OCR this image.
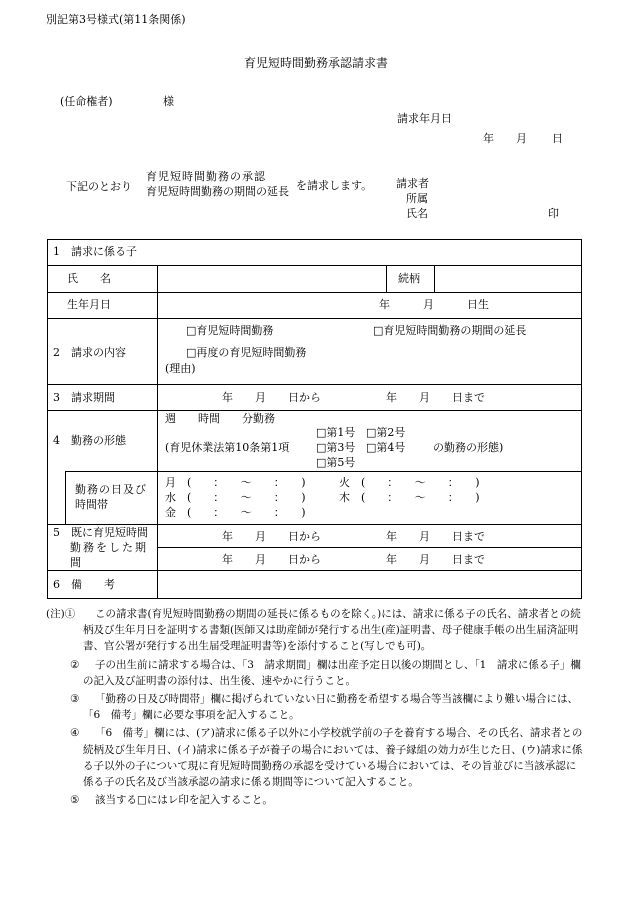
別記第3号様式(第11条関係)
育児短時間勤務承認請求書
(任命権者)	様
請求年月日
年 月 日
下記のとおり
育児短時間勤務の承認
育児短時間勤務の期間の延長 を請求します。 請求者
所属
氏名	印
1　請求に係る子
氏　　名	続柄
生年月日	年　　　月　　　日生
2　請求の内容
□育児短時間勤務	□育児短時間勤務の期間の延長
□再度の育児短時間勤務
(理由)
3　請求期間	年　　月　　日から	年　　月　　日まで
4　勤務の形態
週　　時間　　分勤務
(育児休業法第10条第1項
□第1号 □第2号
□第3号 □第4号
□第5号
の勤務の形態)
勤務の日及び
時間帯
月　(　　：　　～　　：　　)	火　(　　：　　～　　：　　)
水　(　　：　　～　　：　　)	木　(　　：　　～　　：　　)
金　(　　：　　～　　：　　)
5　既に育児短時間
勤務をした期
間
年　　月　　日から	年　　月　　日まで
年　　月　　日から	年　　月　　日まで
6　備　　考
(注)①	この請求書(育児短時間勤務の期間の延長に係るものを除く。)には、請求に係る子の氏名、請求者との続柄及び生年月日を証明する書類(医師又は助産師が発行する出生(産)証明書、母子健康手帳の出生届済証明書、官公署が発行する出生届受理証明書等)を添付すること(写しでも可)。
②	子の出生前に請求する場合は、「3　請求期間」欄は出産予定日以後の期間とし、「1　請求に係る子」欄の記入及び証明書の添付は、出生後、速やかに行うこと。
③	「勤務の日及び時間帯」欄に掲げられていない日に勤務を希望する場合等当該欄により難い場合には、「6　備考」欄に必要な事項を記入すること。
④	「6　備考」欄には、(ア)請求に係る子以外に小学校就学前の子を養育する場合、その氏名、請求者との続柄及び生年月日、(イ)請求に係る子が養子の場合においては、養子縁組の効力が生じた日、(ウ)請求に係る子以外の子について現に育児短時間勤務の承認を受けている場合においては、その旨並びに当該承認に係る子の氏名及び当該承認の請求に係る期間等について記入すること。
⑤	該当する□にはレ印を記入すること。
